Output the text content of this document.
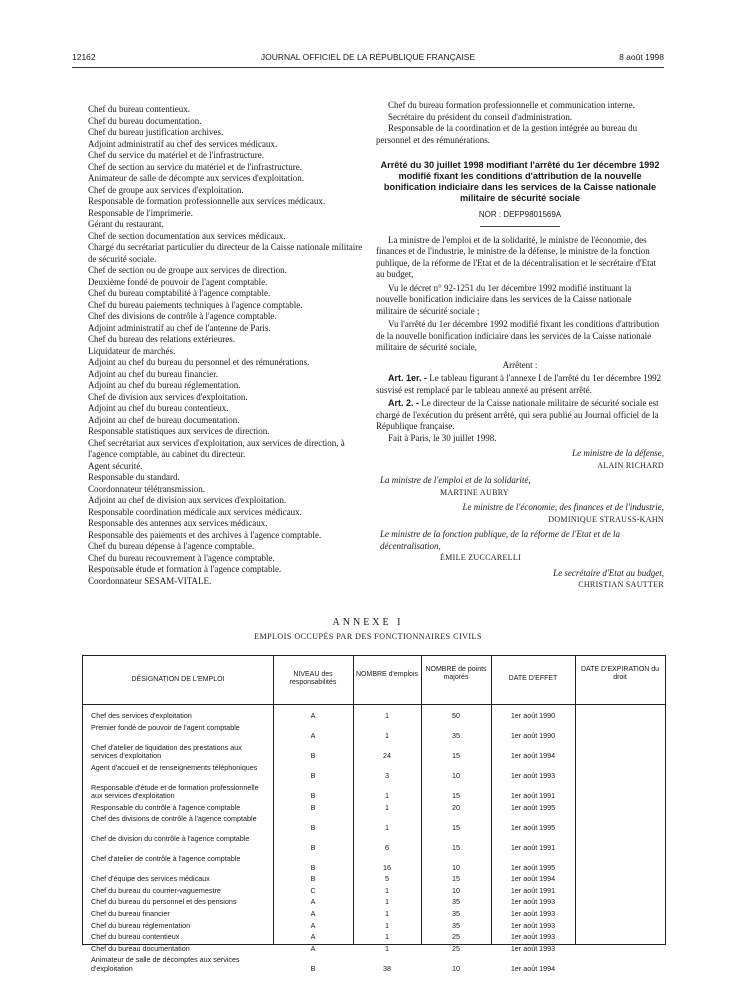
12162	JOURNAL OFFICIEL DE LA RÉPUBLIQUE FRANÇAISE	8 août 1998

Chef du bureau contentieux.

Chef du bureau documentation.

Chef du bureau justification archives.

Adjoint administratif au chef des services médicaux.

Chef du service du matériel et de l'infrastructure.

Chef de section au service du matériel et de l'infrastructure.

Animateur de salle de décompte aux services d'exploitation.

Chef de groupe aux services d'exploitation.

Responsable de formation professionnelle aux services médicaux.

Responsable de l'imprimerie.

Gérant du restaurant.

Chef de section documentation aux services médicaux.

Chargé du secrétariat particulier du directeur de la Caisse nationale militaire de sécurité sociale.

Chef de section ou de groupe aux services de direction.

Deuxième fondé de pouvoir de l'agent comptable.

Chef du bureau comptabilité à l'agence comptable.

Chef du bureau paiements techniques à l'agence comptable.

Chef des divisions de contrôle à l'agence comptable.

Adjoint administratif au chef de l'antenne de Paris.

Chef du bureau des relations extérieures.

Liquidateur de marchés.

Adjoint au chef du bureau du personnel et des rémunérations.

Adjoint au chef du bureau financier.

Adjoint au chef du bureau réglementation.

Chef de division aux services d'exploitation.

Adjoint au chef du bureau contentieux.

Adjoint au chef de bureau documentation.

Responsable statistiques aux services de direction.

Chef secrétariat aux services d'exploitation, aux services de direction, à l'agence comptable, au cabinet du directeur.

Agent sécurité.

Responsable du standard.

Coordonnateur télétransmission.

Adjoint au chef de division aux services d'exploitation.

Responsable coordination médicale aux services médicaux.

Responsable des antennes aux services médicaux.

Responsable des paiements et des archives à l'agence comptable.

Chef du bureau dépense à l'agence comptable.

Chef du bureau recouvrement à l'agence comptable.

Responsable étude et formation à l'agence comptable.

Coordonnateur SESAM-VITALE.

Chef du bureau formation professionnelle et communication interne.

Secrétaire du président du conseil d'administration.

Responsable de la coordination et de la gestion intégrée au bureau du personnel et des rémunérations.

Arrêté du 30 juillet 1998 modifiant l'arrêté du 1er décembre 1992 modifié fixant les conditions d'attribution de la nouvelle bonification indiciaire dans les services de la Caisse nationale militaire de sécurité sociale
NOR : DEFP9801569A

La ministre de l'emploi et de la solidarité, le ministre de l'économie, des finances et de l'industrie, le ministre de la défense, le ministre de la fonction publique, de la réforme de l'Etat et de la décentralisation et le secrétaire d'Etat au budget,

Vu le décret n° 92-1251 du 1er décembre 1992 modifié instituant la nouvelle bonification indiciaire dans les services de la Caisse nationale militaire de sécurité sociale ;

Vu l'arrêté du 1er décembre 1992 modifié fixant les conditions d'attribution de la nouvelle bonification indiciaire dans les services de la Caisse nationale militaire de sécurité sociale,

Arrêtent :

Art. 1er. - Le tableau figurant à l'annexe I de l'arrêté du 1er décembre 1992 susvisé est remplacé par le tableau annexé au présent arrêté.

Art. 2. - Le directeur de la Caisse nationale militaire de sécurité sociale est chargé de l'exécution du présent arrêté, qui sera publié au Journal officiel de la République française.

Fait à Paris, le 30 juillet 1998.

Le ministre de la défense,
ALAIN RICHARD
La ministre de l'emploi et de la solidarité,
MARTINE AUBRY
Le ministre de l'économie, des finances et de l'industrie,
DOMINIQUE STRAUSS-KAHN
Le ministre de la fonction publique, de la réforme de l'Etat et de la décentralisation,
ÉMILE ZUCCARELLI
Le secrétaire d'Etat au budget,
CHRISTIAN SAUTTER
ANNEXE I
EMPLOIS OCCUPÉS PAR DES FONCTIONNAIRES CIVILS
DÉSIGNATION DE L'EMPLOI
NIVEAU des responsabilités
NOMBRE d'emplois
NOMBRE de points majorés	DATE D'EFFET
DATE D'EXPIRATION du droit
Chef des services d'exploitation	A	1	50	1er août 1990
Premier fondé de pouvoir de l'agent comptable
A	1	35	1er août 1990
Chef d'atelier de liquidation des prestations aux services d'exploitation	B	24	15	1er août 1994
Agent d'accueil et de renseignements téléphoniques
B	3	10	1er août 1993
Responsable d'étude et de formation professionnelle aux services d'exploitation	B	1	15	1er août 1991
Responsable du contrôle à l'agence comptable	B	1	20	1er août 1995
Chef des divisions de contrôle à l'agence comptable
B	1	15	1er août 1995
Chef de division du contrôle à l'agence comptable
B	6	15	1er août 1991
Chef d'atelier de contrôle à l'agence comptable
B	16	10	1er août 1995
Chef d'équipe des services médicaux	B	5	15	1er août 1994
Chef du bureau du courrier-vaguemestre	C	1	10	1er août 1991
Chef du bureau du personnel et des pensions	A	1	35	1er août 1993
Chef du bureau financier	A	1	35	1er août 1993
Chef du bureau réglementation	A	1	35	1er août 1993
Chef du bureau contentieux	A	1	25	1er août 1993
Chef du bureau documentation	A	1	25	1er août 1993
Animateur de salle de décomptes aux services d'exploitation	B	38	10	1er août 1994
